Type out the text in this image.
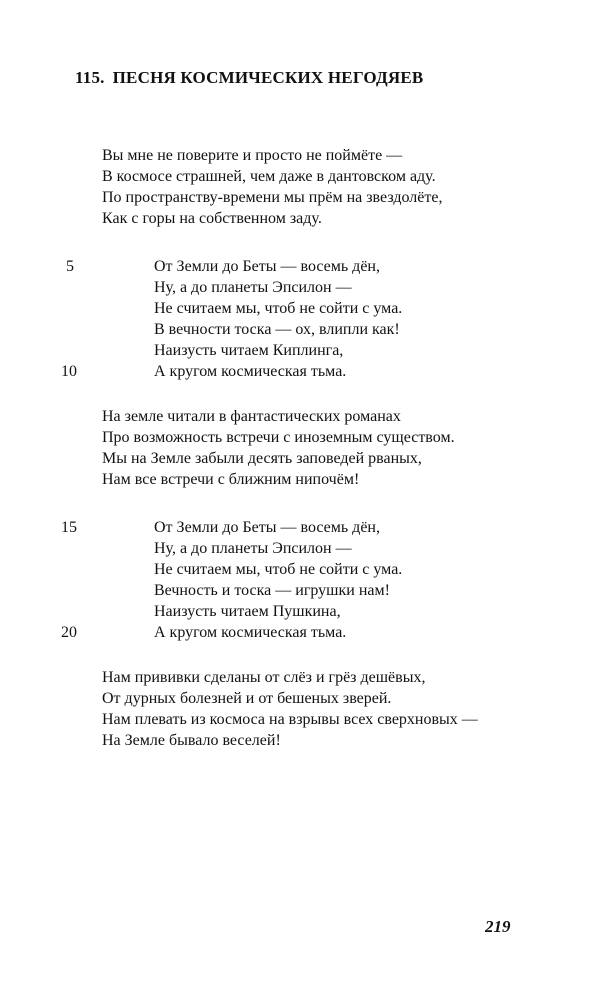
115. ПЕСНЯ КОСМИЧЕСКИХ НЕГОДЯЕВ
Вы мне не поверите и просто не поймёте —
В космосе страшней, чем даже в дантовском аду.
По пространству-времени мы прём на звездолёте,
Как с горы на собственном заду.
5	От Земли до Беты — восемь дён,
Ну, а до планеты Эпсилон —
Не считаем мы, чтоб не сойти с ума.
В вечности тоска — ох, влипли как!
Наизусть читаем Киплинга,
10	А кругом космическая тьма.
На земле читали в фантастических романах
Про возможность встречи с иноземным существом.
Мы на Земле забыли десять заповедей рваных,
Нам все встречи с ближним нипочём!
15	От Земли до Беты — восемь дён,
Ну, а до планеты Эпсилон —
Не считаем мы, чтоб не сойти с ума.
Вечность и тоска — игрушки нам!
Наизусть читаем Пушкина,
20	А кругом космическая тьма.
Нам прививки сделаны от слёз и грёз дешёвых,
От дурных болезней и от бешеных зверей.
Нам плевать из космоса на взрывы всех сверхновых —
На Земле бывало веселей!
219
